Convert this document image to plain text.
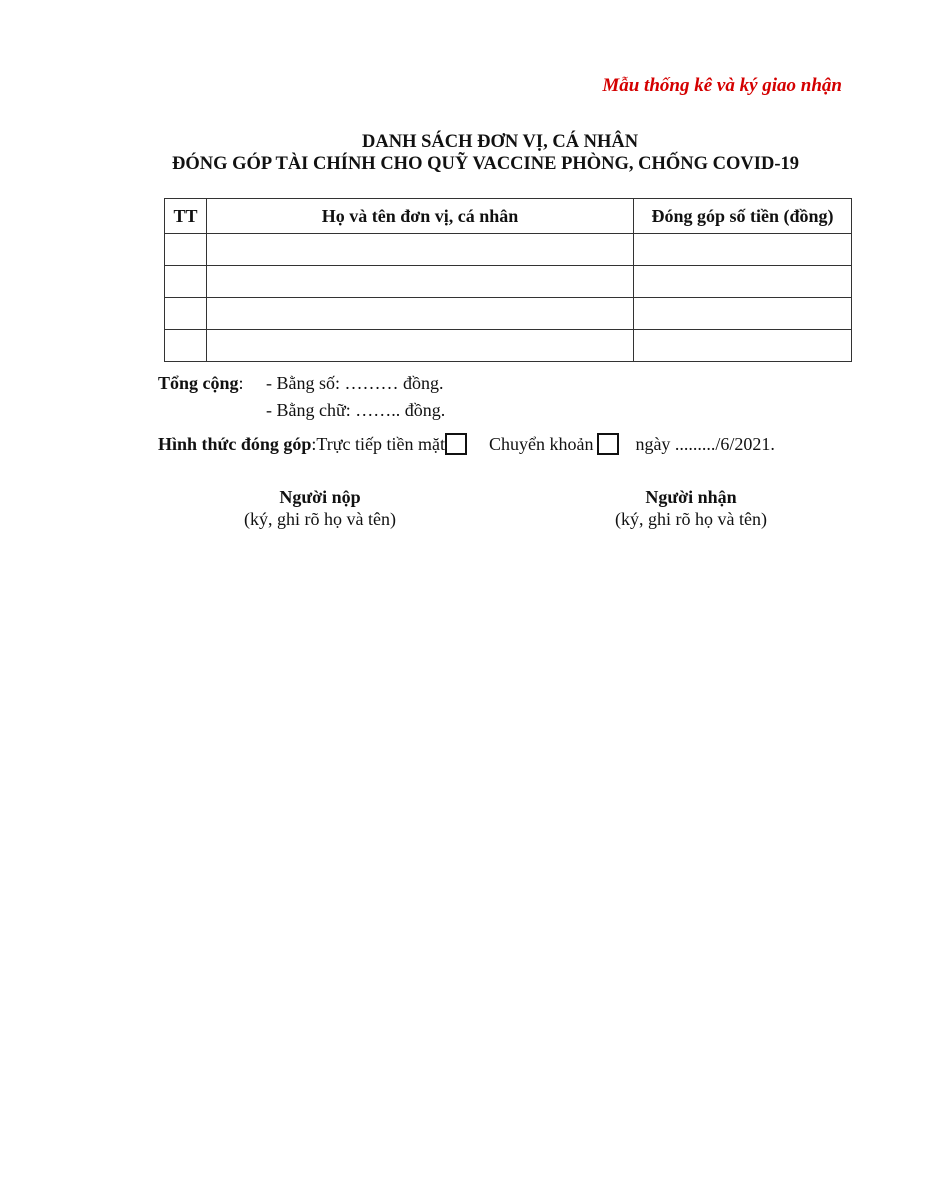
Mẫu thống kê và ký giao nhận
DANH SÁCH ĐƠN VỊ, CÁ NHÂN
ĐÓNG GÓP TÀI CHÍNH CHO QUỸ VACCINE PHÒNG, CHỐNG COVID-19
TT	Họ và tên đơn vị, cá nhân	Đóng góp số tiền (đồng)

Tổng cộng: - Bằng số: ……… đồng.
- Bằng chữ: …….. đồng.
Hình thức đóng góp : Trực tiếp tiền mặt Chuyển khoản ngày ........./6/2021.
Người nộp
(ký, ghi rõ họ và tên)
Người nhận
(ký, ghi rõ họ và tên)
